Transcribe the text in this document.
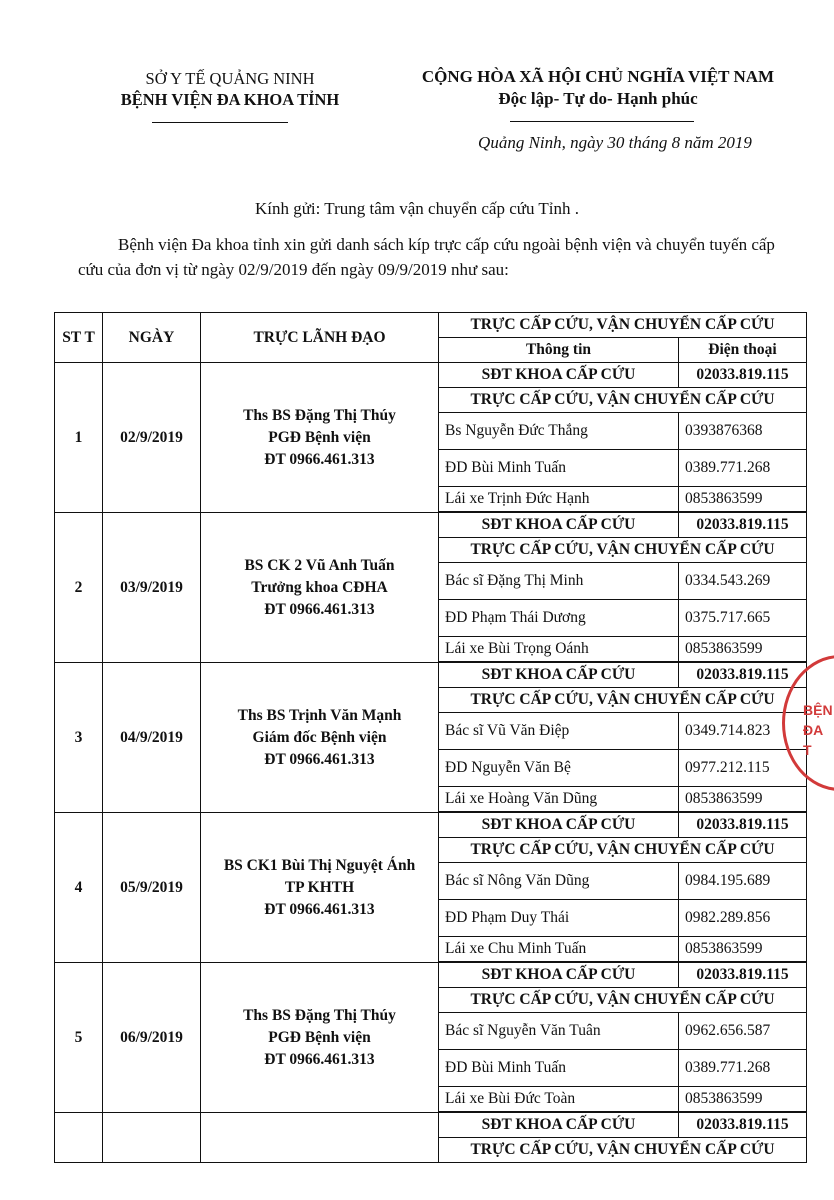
SỞ Y TẾ QUẢNG NINH
BỆNH VIỆN ĐA KHOA TỈNH
CỘNG HÒA XÃ HỘI CHỦ NGHĨA VIỆT NAM
Độc lập- Tự do- Hạnh phúc
Quảng Ninh, ngày 30 tháng 8 năm 2019
Kính gửi: Trung tâm vận chuyển cấp cứu Tỉnh .
Bệnh viện Đa khoa tỉnh xin gửi danh sách kíp trực cấp cứu ngoài bệnh viện và chuyển tuyến cấp cứu của đơn vị từ ngày 02/9/2019 đến ngày 09/9/2019 như sau:
ST T	NGÀY	TRỰC LÃNH ĐẠO	TRỰC CẤP CỨU, VẬN CHUYỂN CẤP CỨU	
			Thông tin	Điện thoại
1	02/9/2019	Ths BS Đặng Thị Thúy
PGĐ Bệnh viện
ĐT 0966.461.313	SĐT KHOA CẤP CỨU	02033.819.115
			TRỰC CẤP CỨU, VẬN CHUYỂN CẤP CỨU	
			Bs Nguyễn Đức Thắng	0393876368
			ĐD Bùi Minh Tuấn	0389.771.268
			Lái xe Trịnh Đức Hạnh	0853863599

2	03/9/2019	BS CK 2 Vũ Anh Tuấn
Trưởng khoa CĐHA
ĐT 0966.461.313	SĐT KHOA CẤP CỨU	02033.819.115
			TRỰC CẤP CỨU, VẬN CHUYỂN CẤP CỨU	
			Bác sĩ Đặng Thị Minh	0334.543.269
			ĐD Phạm Thái Dương	0375.717.665
			Lái xe Bùi Trọng Oánh	0853863599

3	04/9/2019	Ths BS Trịnh Văn Mạnh
Giám đốc Bệnh viện
ĐT 0966.461.313	SĐT KHOA CẤP CỨU	02033.819.115
			TRỰC CẤP CỨU, VẬN CHUYỂN CẤP CỨU	
			Bác sĩ Vũ Văn Điệp	0349.714.823
			ĐD Nguyễn Văn Bệ	0977.212.115
			Lái xe Hoàng Văn Dũng	0853863599

4	05/9/2019	BS CK1 Bùi Thị Nguyệt Ánh
TP KHTH
ĐT 0966.461.313	SĐT KHOA CẤP CỨU	02033.819.115
			TRỰC CẤP CỨU, VẬN CHUYỂN CẤP CỨU	
			Bác sĩ Nông Văn Dũng	0984.195.689
			ĐD Phạm Duy Thái	0982.289.856
			Lái xe Chu Minh Tuấn	0853863599

5	06/9/2019	Ths BS Đặng Thị Thúy
PGĐ Bệnh viện
ĐT 0966.461.313	SĐT KHOA CẤP CỨU	02033.819.115
			TRỰC CẤP CỨU, VẬN CHUYỂN CẤP CỨU	
			Bác sĩ Nguyễn Văn Tuân	0962.656.587
			ĐD Bùi Minh Tuấn	0389.771.268
			Lái xe Bùi Đức Toàn	0853863599

			SĐT KHOA CẤP CỨU	02033.819.115
			TRỰC CẤP CỨU, VẬN CHUYỂN CẤP CỨU	
BỆN
ĐA
T
